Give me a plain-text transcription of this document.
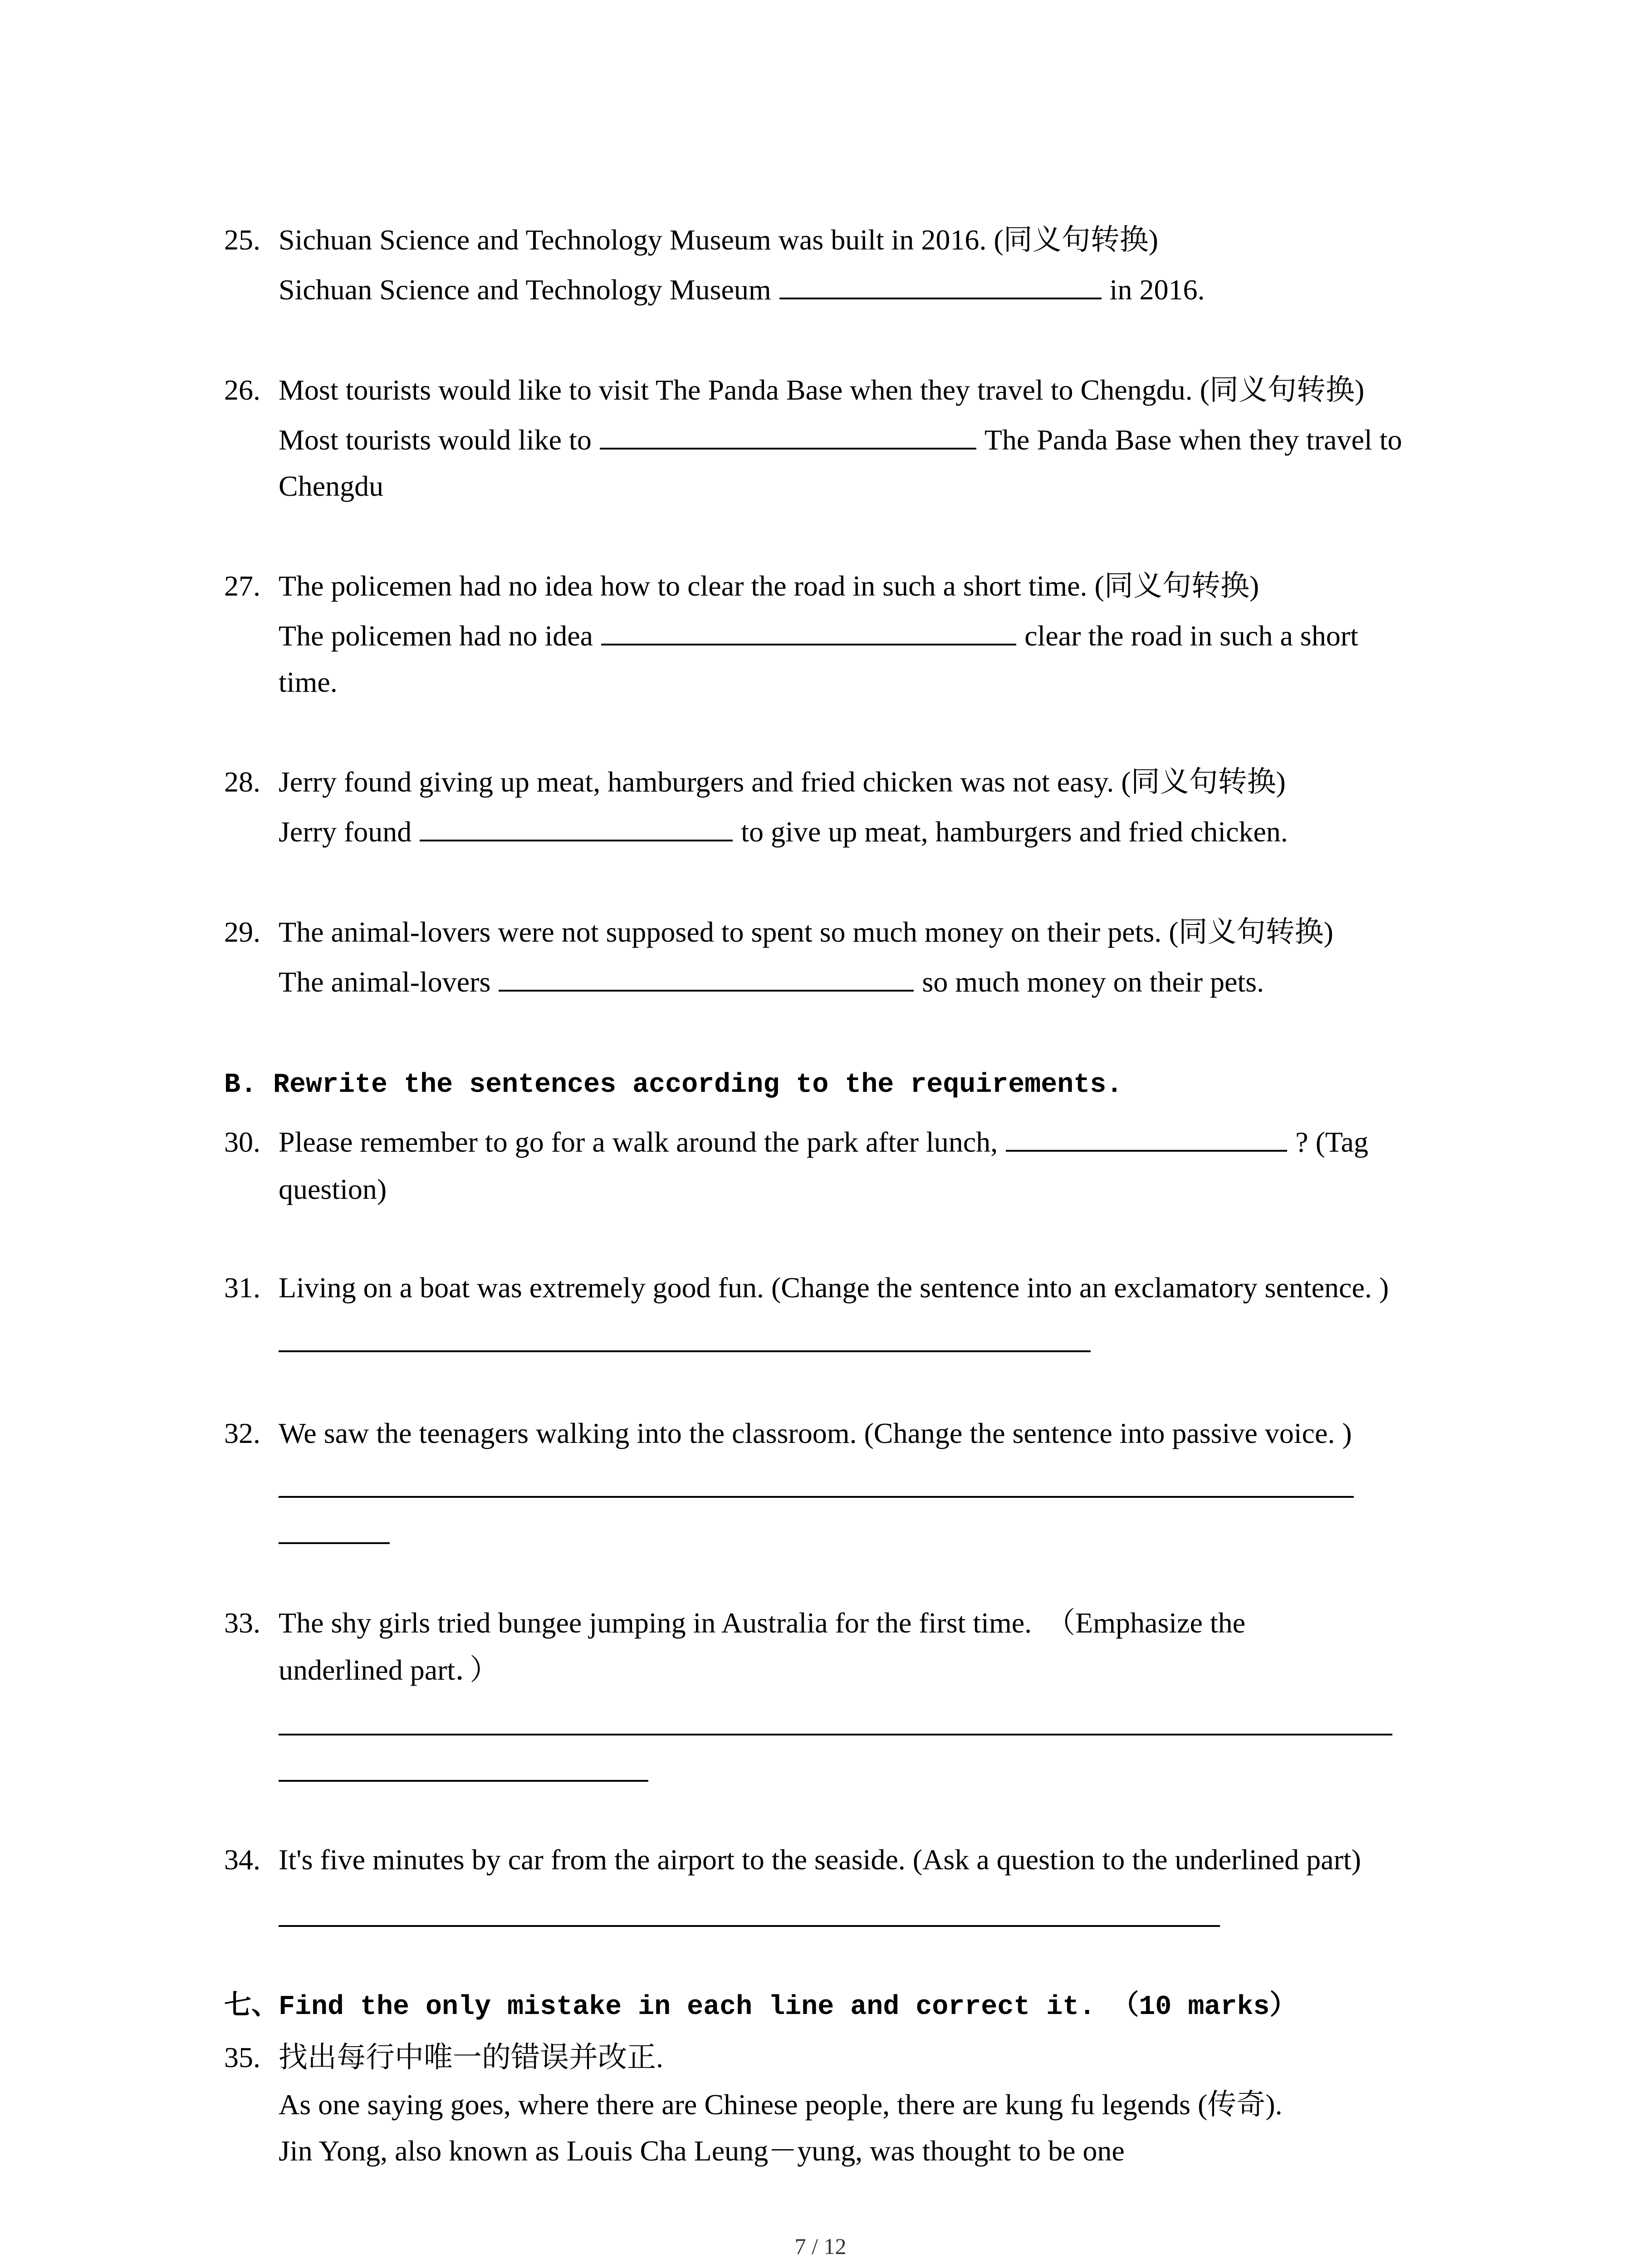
25. Sichuan Science and Technology Museum was built in 2016. (同义句转换)
Sichuan Science and Technology Museum	in 2016.
26. Most tourists would like to visit The Panda Base when they travel to Chengdu. (同义句转换)
Most tourists would like to	The Panda Base when they travel to
Chengdu
27. The policemen had no idea how to clear the road in such a short time. (同义句转换)
The policemen had no idea	clear the road in such a short
time.
28. Jerry found giving up meat, hamburgers and fried chicken was not easy. (同义句转换)
Jerry found	to give up meat, hamburgers and fried chicken.
29. The animal-lovers were not supposed to spent so much money on their pets. (同义句转换)
The animal-lovers	so much money on their pets.
B. Rewrite the sentences according to the requirements.
30. Please remember to go for a walk around the park after lunch,	? (Tag
question)
31. Living on a boat was extremely good fun. (Change the sentence into an exclamatory sentence. )
32. We saw the teenagers walking into the classroom. (Change the sentence into passive voice. )
33. The shy girls tried bungee jumping in Australia for the first time.　（Emphasize the
underlined part．）
34. It's five minutes by car from the airport to the seaside. (Ask a question to the underlined part)
七、Find the only mistake in each line and correct it. （10 marks）
35. 找出每行中唯一的错误并改正.
As one saying goes, where there are Chinese people, there are kung fu legends (传奇).
Jin Yong, also known as Louis Cha Leung－yung, was thought to be one
7 / 12
